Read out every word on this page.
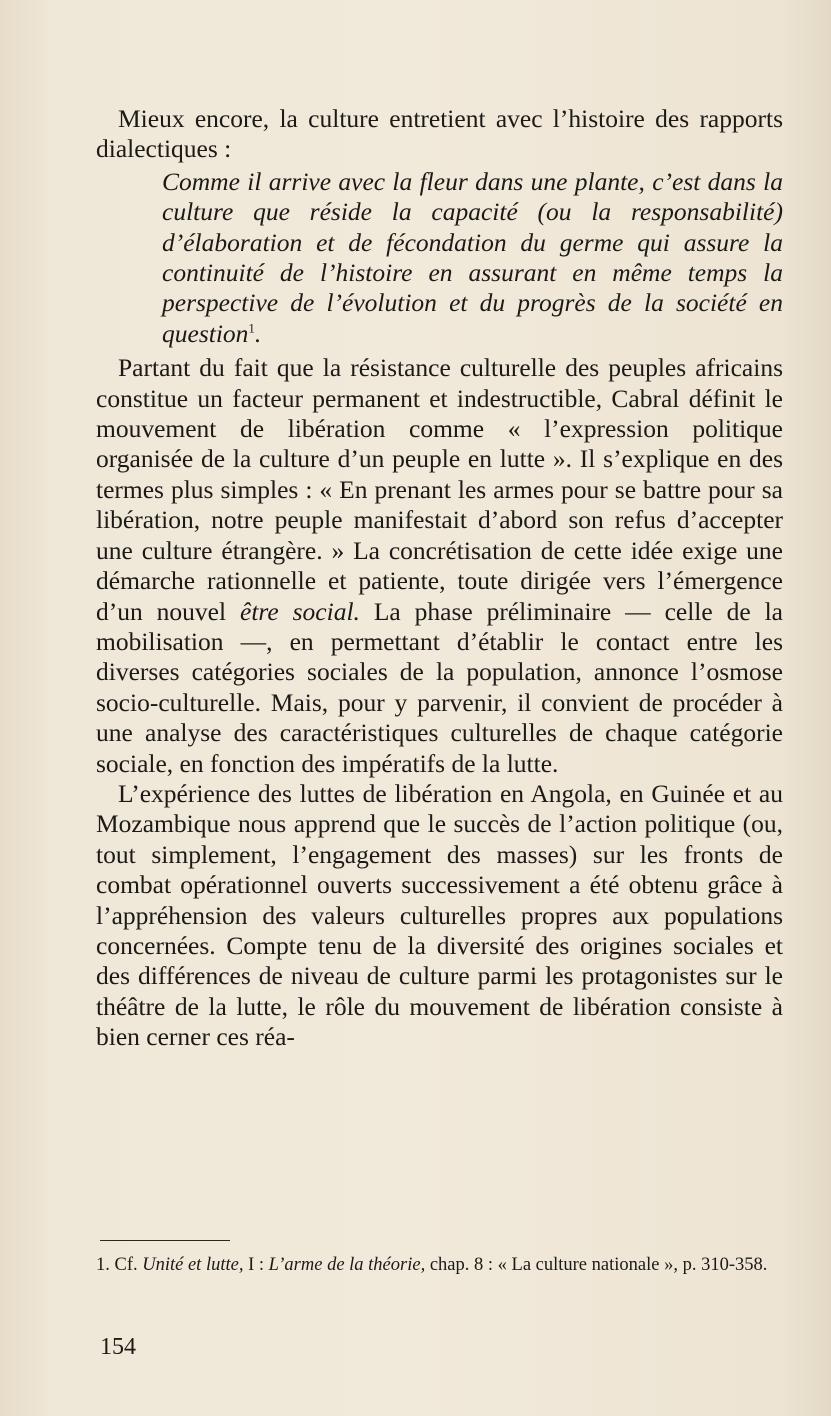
Mieux encore, la culture entretient avec l’histoire des rapports dialectiques :

Comme il arrive avec la fleur dans une plante, c’est dans la culture que réside la capacité (ou la responsabilité) d’élaboration et de fécondation du germe qui assure la continuité de l’histoire en assurant en même temps la perspective de l’évolution et du progrès de la société en question$^1$.

Partant du fait que la résistance culturelle des peuples africains constitue un facteur permanent et indestructible, Cabral définit le mouvement de libération comme « l’expression politique organisée de la culture d’un peuple en lutte ». Il s’explique en des termes plus simples : « En prenant les armes pour se battre pour sa libération, notre peuple manifestait d’abord son refus d’accepter une culture étrangère. » La concrétisation de cette idée exige une démarche rationnelle et patiente, toute dirigée vers l’émergence d’un nouvel être social. La phase préliminaire — celle de la mobilisation —, en permettant d’établir le contact entre les diverses catégories sociales de la population, annonce l’osmose socio-culturelle. Mais, pour y parvenir, il convient de procéder à une analyse des caractéristiques culturelles de chaque catégorie sociale, en fonction des impératifs de la lutte.

L’expérience des luttes de libération en Angola, en Guinée et au Mozambique nous apprend que le succès de l’action politique (ou, tout simplement, l’engagement des masses) sur les fronts de combat opérationnel ouverts successivement a été obtenu grâce à l’appréhension des valeurs culturelles propres aux populations concernées. Compte tenu de la diversité des origines sociales et des différences de niveau de culture parmi les protagonistes sur le théâtre de la lutte, le rôle du mouvement de libération consiste à bien cerner ces réa-

1. Cf. Unité et lutte, I : L’arme de la théorie, chap. 8 : « La culture nationale », p. 310-358.
154
